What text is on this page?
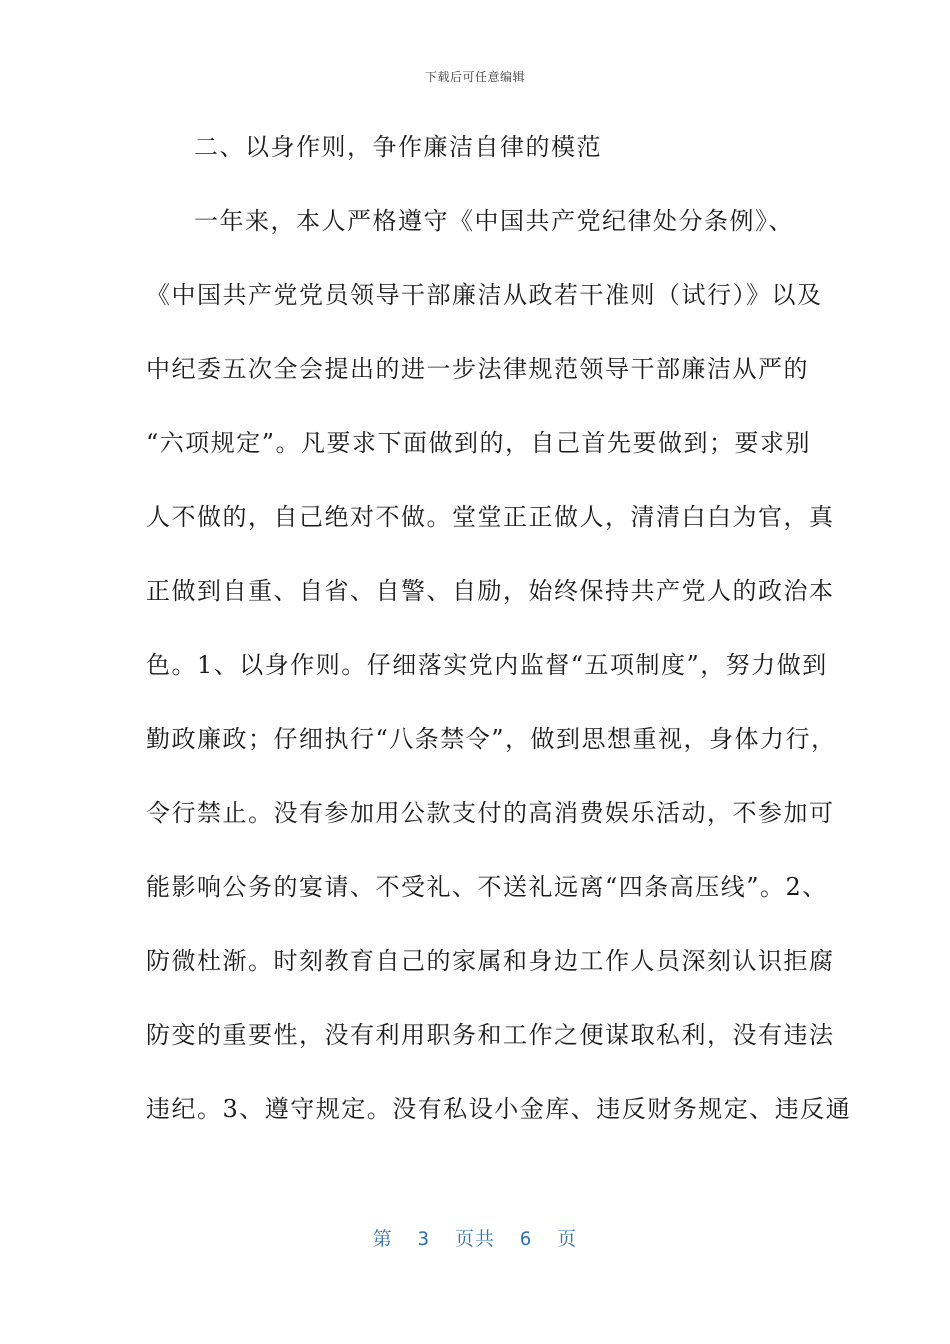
下载后可任意编辑
二、以身作则，争作廉洁自律的模范
一年来，本人严格遵守《中国共产党纪律处分条例》、
《中国共产党党员领导干部廉洁从政若干准则（试行）》以及
中纪委五次全会提出的进一步法律规范领导干部廉洁从严的
“六项规定”。凡要求下面做到的，自己首先要做到；要求别
人不做的，自己绝对不做。堂堂正正做人，清清白白为官，真
正做到自重、自省、自警、自励，始终保持共产党人的政治本
色。1、以身作则。仔细落实党内监督“五项制度”，努力做到
勤政廉政；仔细执行“八条禁令”，做到思想重视，身体力行，
令行禁止。没有参加用公款支付的高消费娱乐活动，不参加可
能影响公务的宴请、不受礼、不送礼远离“四条高压线”。2、
防微杜渐。时刻教育自己的家属和身边工作人员深刻认识拒腐
防变的重要性，没有利用职务和工作之便谋取私利，没有违法
违纪。3、遵守规定。没有私设小金库、违反财务规定、违反通
第  3  页共  6  页
